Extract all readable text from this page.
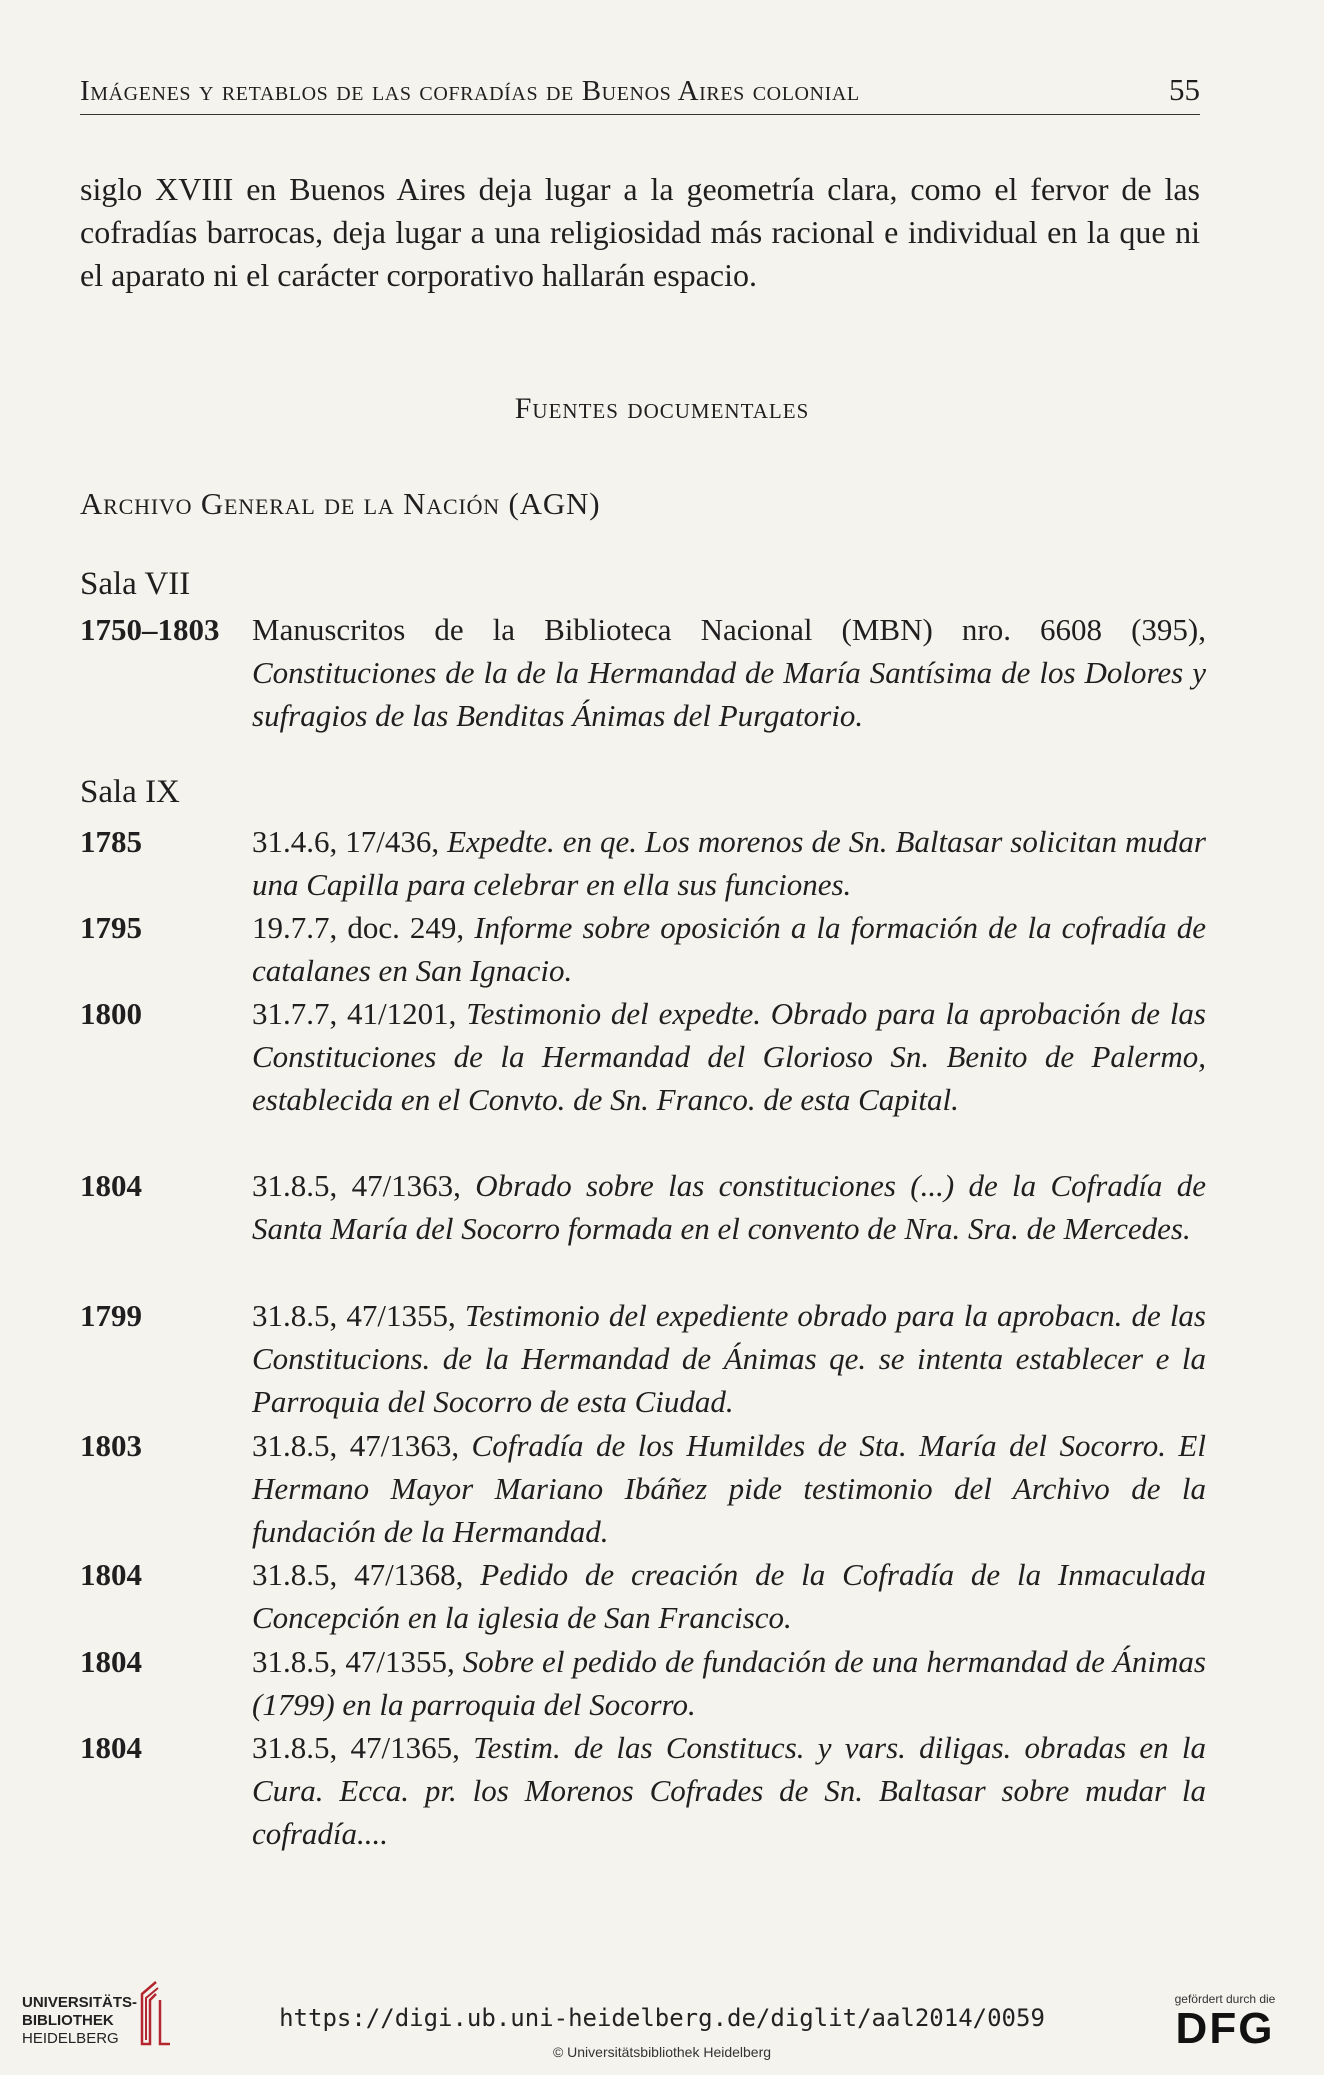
Imágenes y retablos de las cofradías de Buenos Aires colonial	55

siglo XVIII en Buenos Aires deja lugar a la geometría clara, como el fervor de las cofradías barrocas, deja lugar a una religiosidad más racional e individual en la que ni el aparato ni el carácter corporativo hallarán espacio.

Fuentes documentales
Archivo General de la Nación (AGN)
Sala VII
1750–1803	Manuscritos de la Biblioteca Nacional (MBN) nro. 6608 (395), Constituciones de la de la Hermandad de María Santísima de los Dolores y sufragios de las Benditas Ánimas del Purgatorio.
Sala IX
1785	31.4.6, 17/436, Expedte. en qe. Los morenos de Sn. Baltasar solicitan mudar una Capilla para celebrar en ella sus funciones.
1795	19.7.7, doc. 249, Informe sobre oposición a la formación de la cofradía de catalanes en San Ignacio.
1800	31.7.7, 41/1201, Testimonio del expedte. Obrado para la aprobación de las Constituciones de la Hermandad del Glorioso Sn. Benito de Palermo, establecida en el Convto. de Sn. Franco. de esta Capital.
1804	31.8.5, 47/1363, Obrado sobre las constituciones (...) de la Cofradía de Santa María del Socorro formada en el convento de Nra. Sra. de Mercedes.
1799	31.8.5, 47/1355, Testimonio del expediente obrado para la aprobacn. de las Constitucions. de la Hermandad de Ánimas qe. se intenta establecer e la Parroquia del Socorro de esta Ciudad.
1803	31.8.5, 47/1363, Cofradía de los Humildes de Sta. María del Socorro. El Hermano Mayor Mariano Ibáñez pide testimonio del Archivo de la fundación de la Hermandad.
1804	31.8.5, 47/1368, Pedido de creación de la Cofradía de la Inmaculada Concepción en la iglesia de San Francisco.
1804	31.8.5, 47/1355, Sobre el pedido de fundación de una hermandad de Ánimas (1799) en la parroquia del Socorro.
1804	31.8.5, 47/1365, Testim. de las Constitucs. y vars. diligas. obradas en la Cura. Ecca. pr. los Morenos Cofrades de Sn. Baltasar sobre mudar la cofradía....
UNIVERSITÄTS-
BIBLIOTHEK
HEIDELBERG
https://digi.ub.uni-heidelberg.de/diglit/aal2014/0059
© Universitätsbibliothek Heidelberg
gefördert durch die
DFG
